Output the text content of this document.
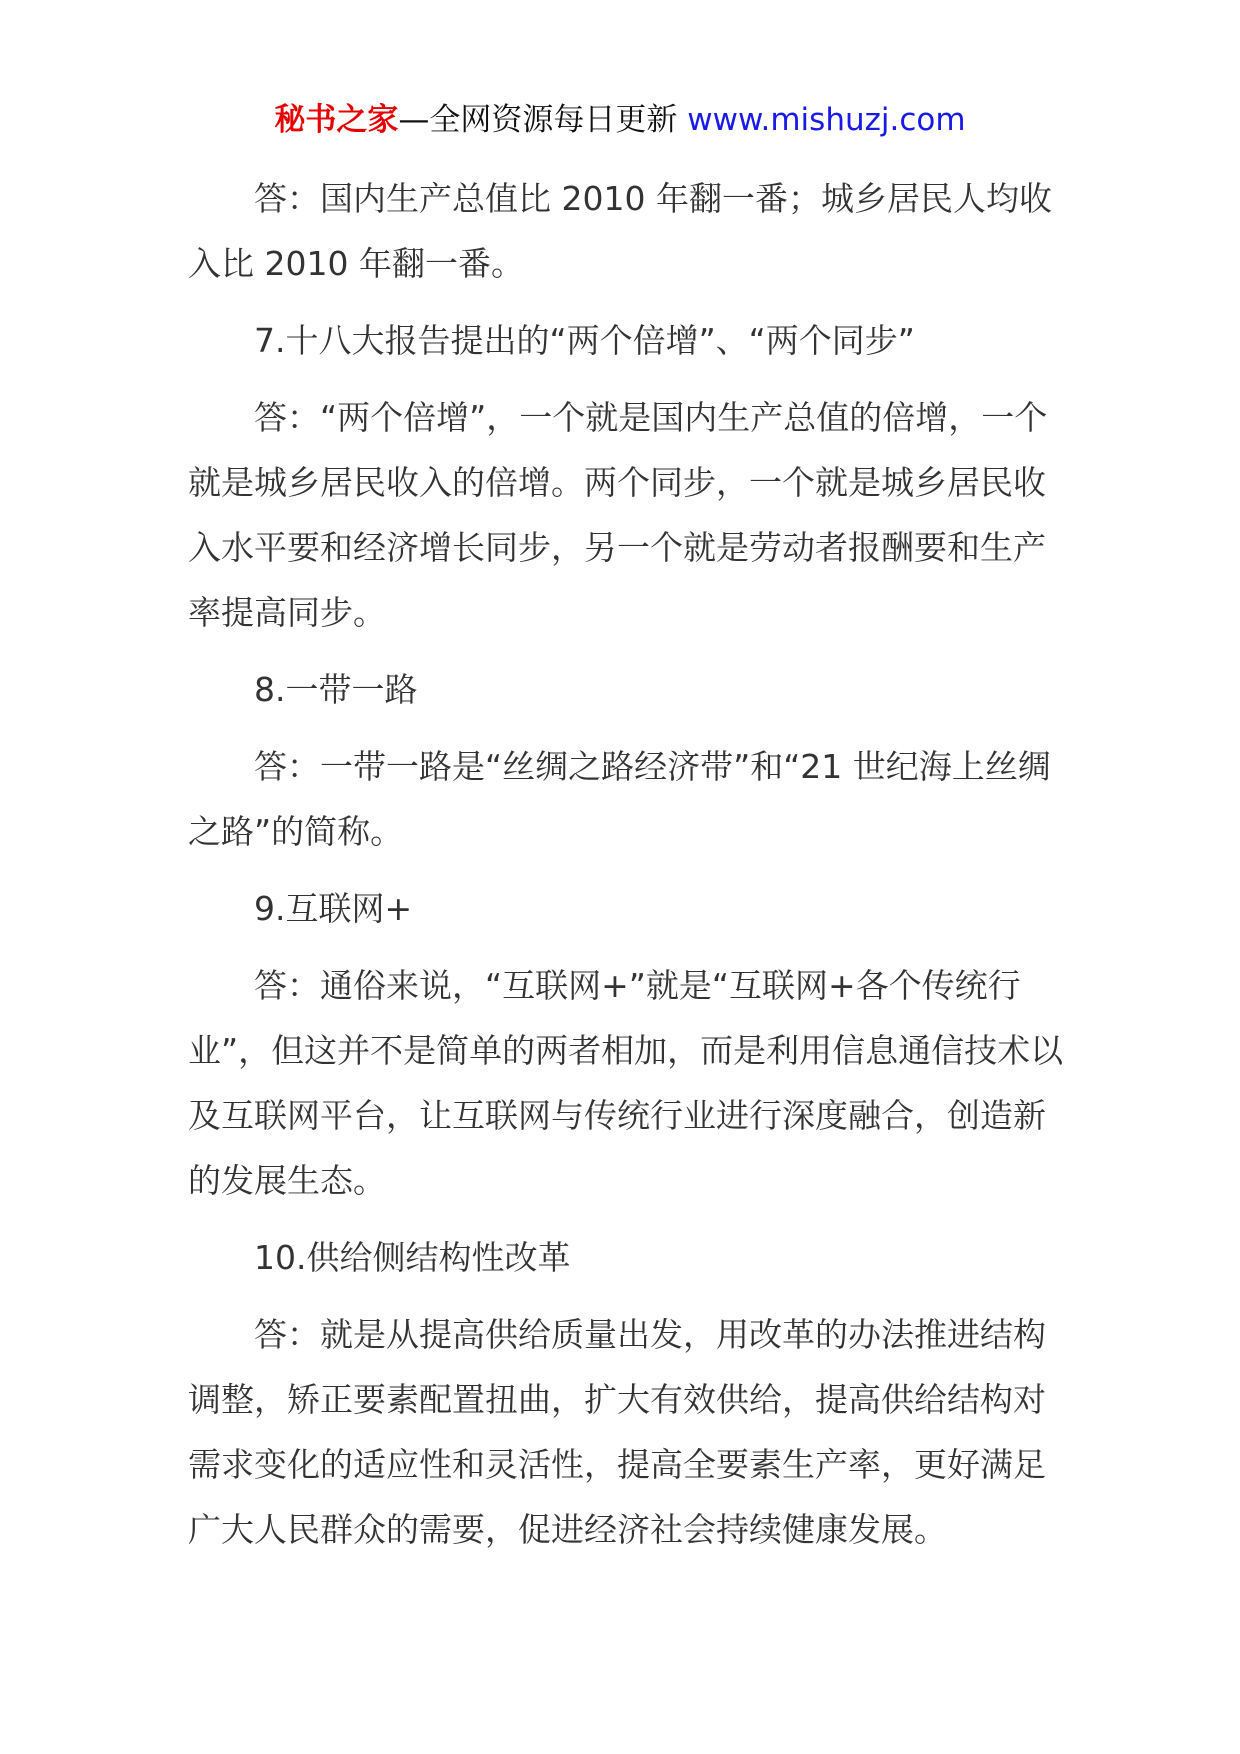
秘书之家—全网资源每日更新 www.mishuzj.com

答：国内生产总值比 2010 年翻一番；城乡居民人均收入比 2010 年翻一番。

7.十八大报告提出的“两个倍增”、“两个同步”

答：“两个倍增”，一个就是国内生产总值的倍增，一个就是城乡居民收入的倍增。两个同步，一个就是城乡居民收入水平要和经济增长同步，另一个就是劳动者报酬要和生产率提高同步。

8.一带一路

答：一带一路是“丝绸之路经济带”和“21 世纪海上丝绸之路”的简称。

9.互联网+

答：通俗来说，“互联网+”就是“互联网+各个传统行业”，但这并不是简单的两者相加，而是利用信息通信技术以及互联网平台，让互联网与传统行业进行深度融合，创造新的发展生态。

10.供给侧结构性改革

答：就是从提高供给质量出发，用改革的办法推进结构调整，矫正要素配置扭曲，扩大有效供给，提高供给结构对需求变化的适应性和灵活性，提高全要素生产率，更好满足广大人民群众的需要，促进经济社会持续健康发展。
